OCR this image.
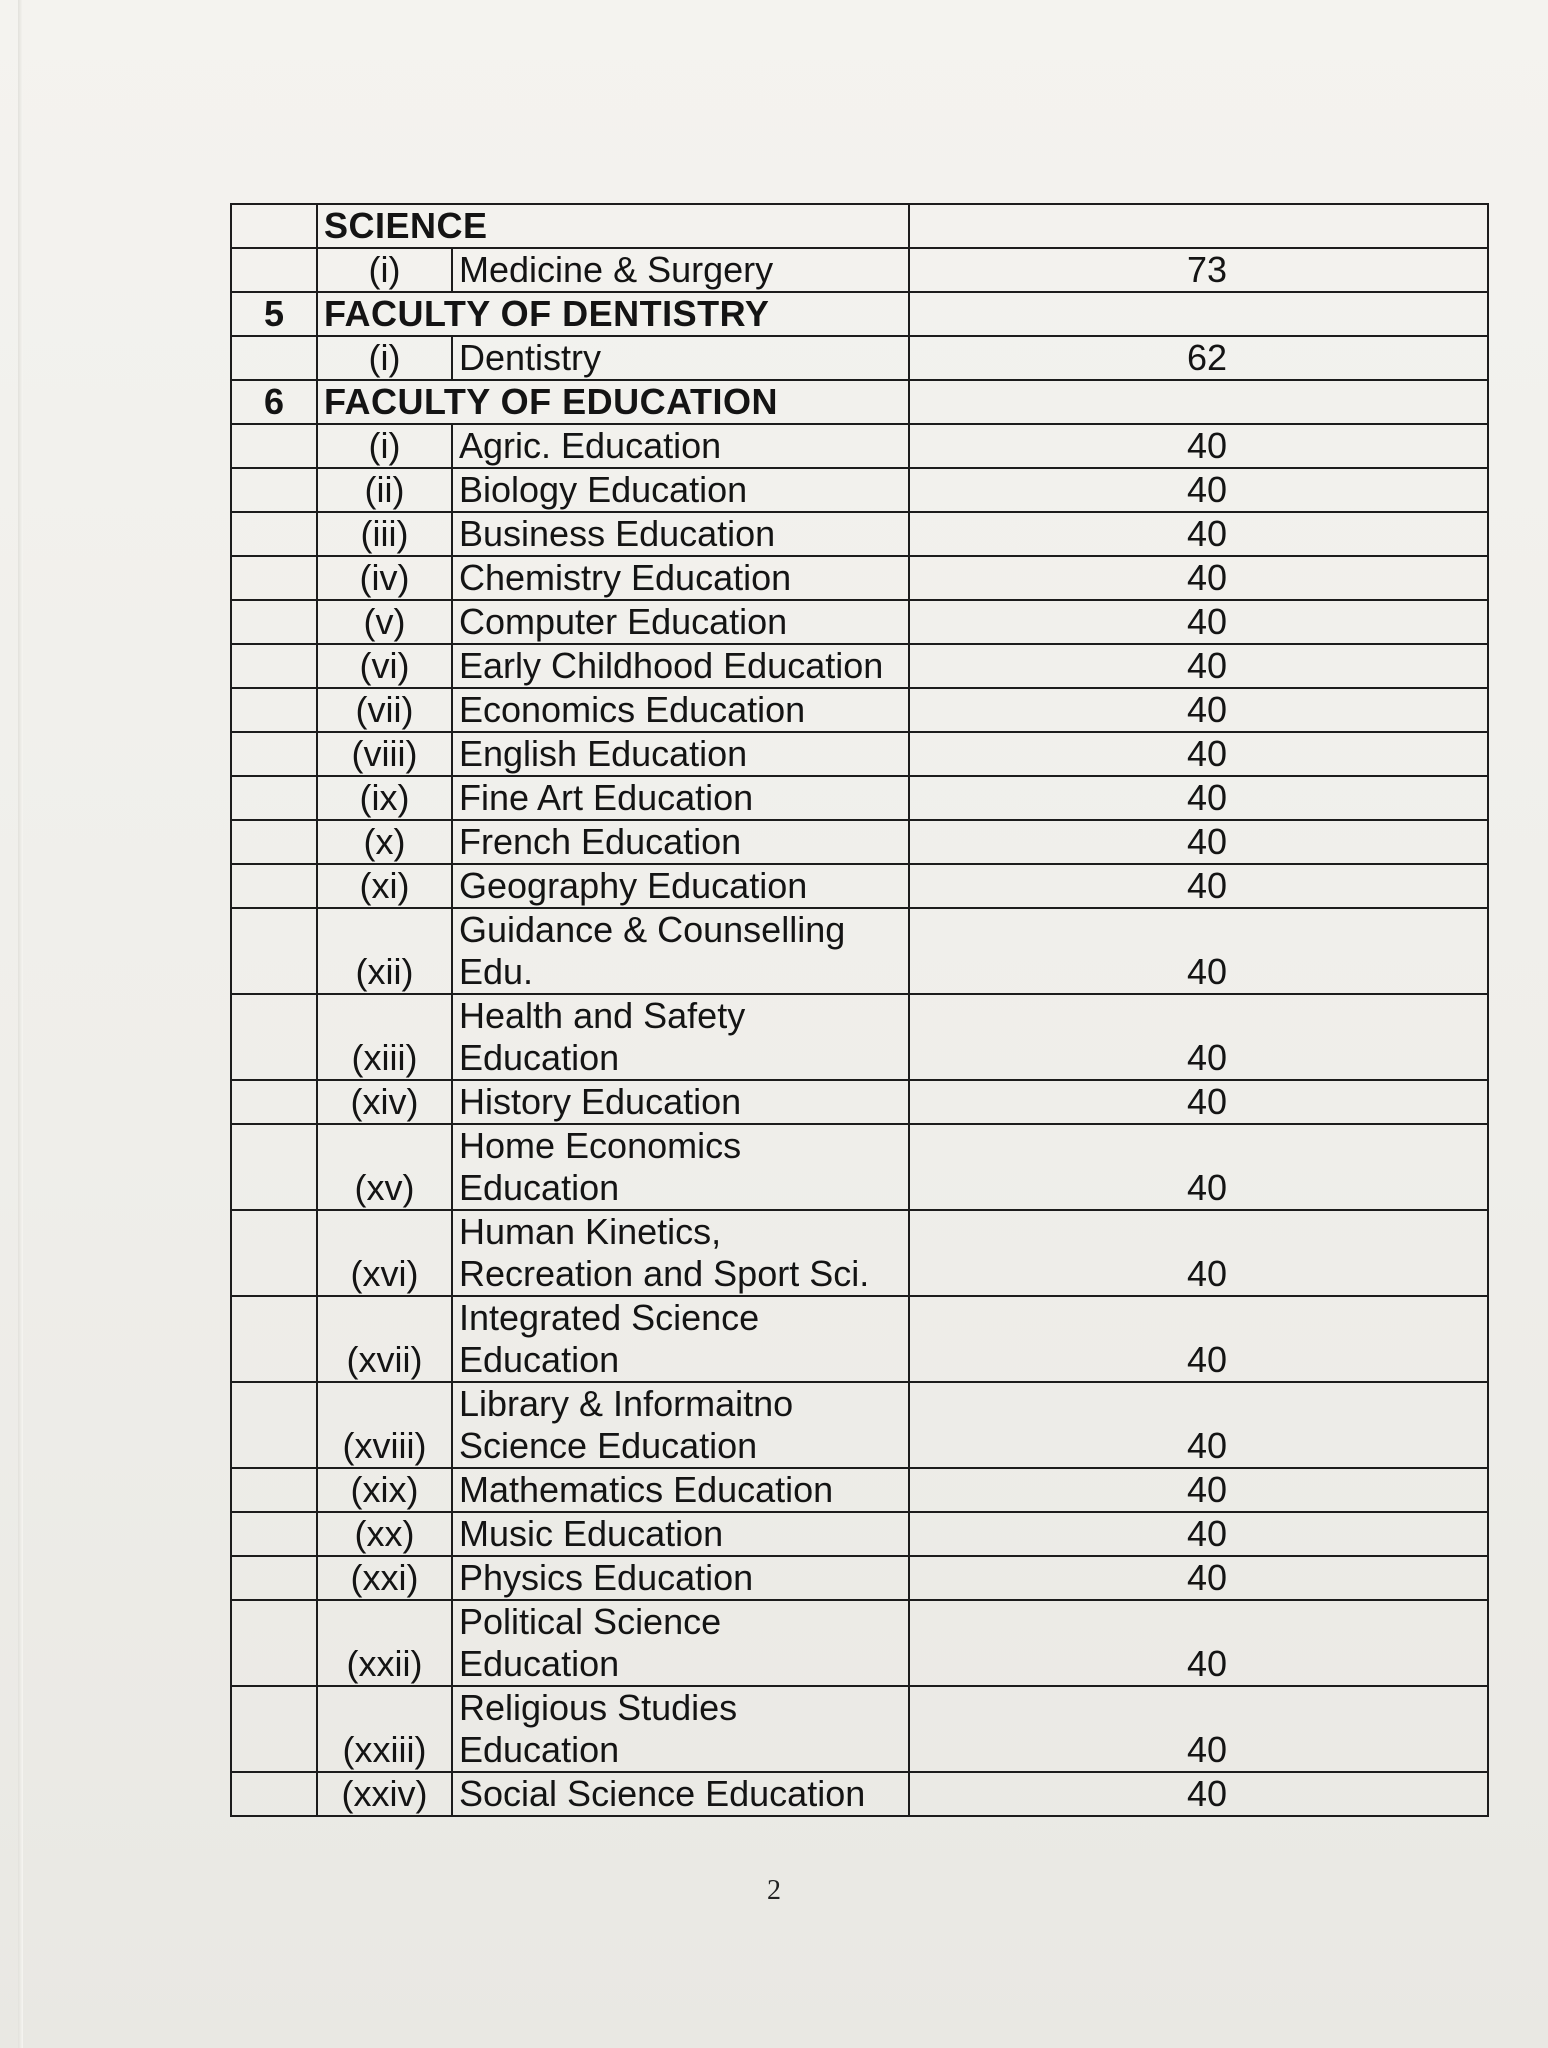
	SCIENCE		
	(i)	Medicine & Surgery	73
5	FACULTY OF DENTISTRY		
	(i)	Dentistry	62
6	FACULTY OF EDUCATION		
	(i)	Agric. Education	40
	(ii)	Biology Education	40
	(iii)	Business Education	40
	(iv)	Chemistry Education	40
	(v)	Computer Education	40
	(vi)	Early Childhood Education	40
	(vii)	Economics Education	40
	(viii)	English Education	40
	(ix)	Fine Art Education	40
	(x)	French Education	40
	(xi)	Geography Education	40
	(xii)	Guidance & Counselling
Edu.	40
	(xiii)	Health and Safety
Education	40
	(xiv)	History Education	40
	(xv)	Home Economics
Education	40
	(xvi)	Human Kinetics,
Recreation and Sport Sci.	40
	(xvii)	Integrated Science
Education	40
	(xviii)	Library & Informaitno
Science Education	40
	(xix)	Mathematics Education	40
	(xx)	Music Education	40
	(xxi)	Physics Education	40
	(xxii)	Political Science
Education	40
	(xxiii)	Religious Studies
Education	40
	(xxiv)	Social Science Education	40
2
